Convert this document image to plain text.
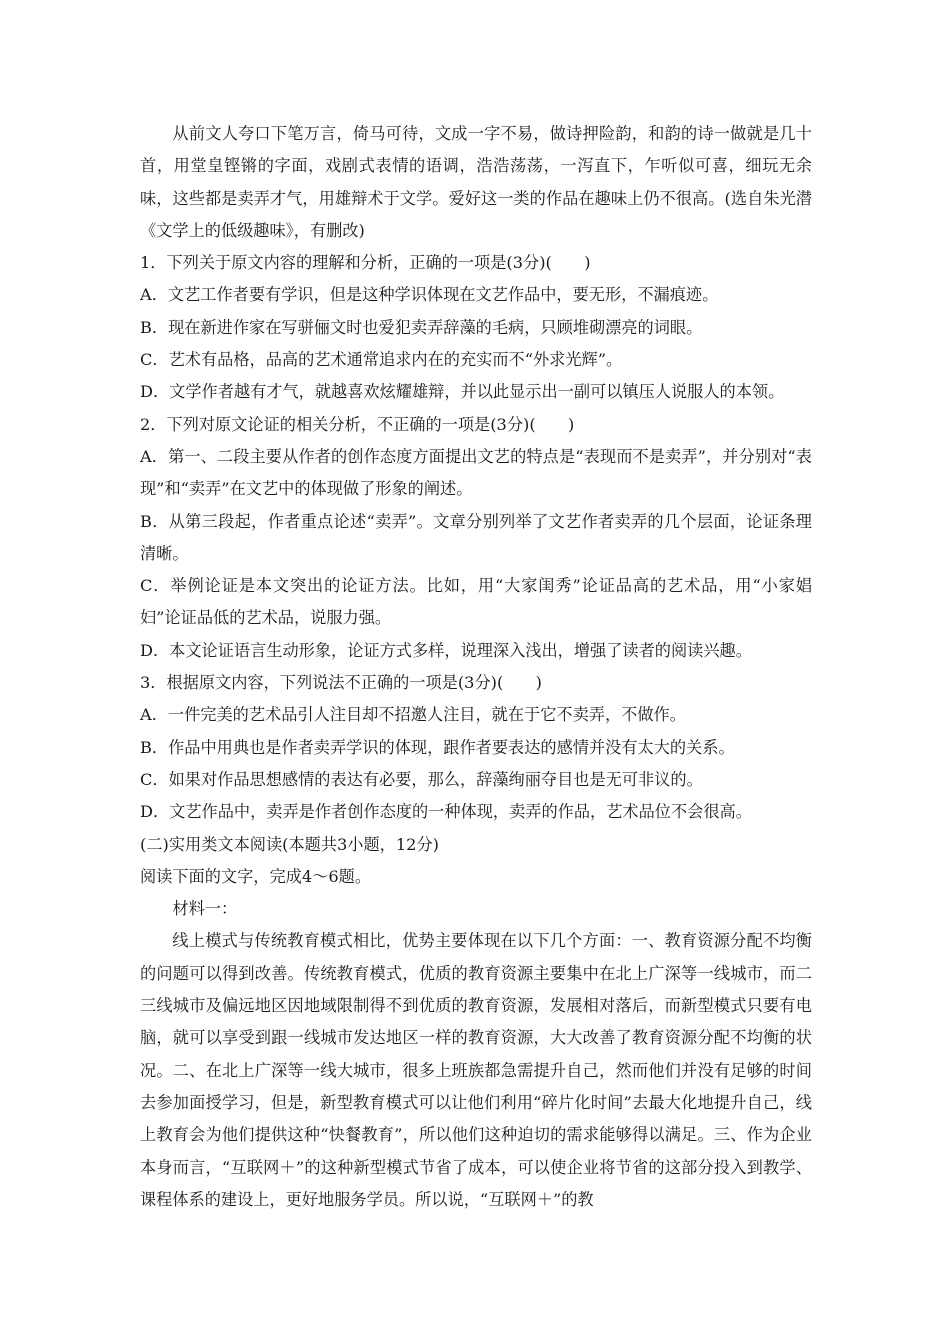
从前文人夸口下笔万言，倚马可待，文成一字不易，做诗押险韵，和韵的诗一做就是几十首，用堂皇铿锵的字面，戏剧式表情的语调，浩浩荡荡，一泻直下，乍听似可喜，细玩无余味，这些都是卖弄才气，用雄辩术于文学。爱好这一类的作品在趣味上仍不很高。(选自朱光潜《文学上的低级趣味》，有删改)

1．下列关于原文内容的理解和分析，正确的一项是(3分)(　　)

A．文艺工作者要有学识，但是这种学识体现在文艺作品中，要无形，不漏痕迹。

B．现在新进作家在写骈俪文时也爱犯卖弄辞藻的毛病，只顾堆砌漂亮的词眼。

C．艺术有品格，品高的艺术通常追求内在的充实而不“外求光辉”。

D．文学作者越有才气，就越喜欢炫耀雄辩，并以此显示出一副可以镇压人说服人的本领。

2．下列对原文论证的相关分析，不正确的一项是(3分)(　　)

A．第一、二段主要从作者的创作态度方面提出文艺的特点是“表现而不是卖弄”，并分别对“表现”和“卖弄”在文艺中的体现做了形象的阐述。

B．从第三段起，作者重点论述“卖弄”。文章分别列举了文艺作者卖弄的几个层面，论证条理清晰。

C．举例论证是本文突出的论证方法。比如，用“大家闺秀”论证品高的艺术品，用“小家娼妇”论证品低的艺术品，说服力强。

D．本文论证语言生动形象，论证方式多样，说理深入浅出，增强了读者的阅读兴趣。

3．根据原文内容，下列说法不正确的一项是(3分)(　　)

A．一件完美的艺术品引人注目却不招邀人注目，就在于它不卖弄，不做作。

B．作品中用典也是作者卖弄学识的体现，跟作者要表达的感情并没有太大的关系。

C．如果对作品思想感情的表达有必要，那么，辞藻绚丽夺目也是无可非议的。

D．文艺作品中，卖弄是作者创作态度的一种体现，卖弄的作品，艺术品位不会很高。

(二)实用类文本阅读(本题共3小题，12分)

阅读下面的文字，完成4～6题。

材料一：

线上模式与传统教育模式相比，优势主要体现在以下几个方面：一、教育资源分配不均衡的问题可以得到改善。传统教育模式，优质的教育资源主要集中在北上广深等一线城市，而二三线城市及偏远地区因地域限制得不到优质的教育资源，发展相对落后，而新型模式只要有电脑，就可以享受到跟一线城市发达地区一样的教育资源，大大改善了教育资源分配不均衡的状况。二、在北上广深等一线大城市，很多上班族都急需提升自己，然而他们并没有足够的时间去参加面授学习，但是，新型教育模式可以让他们利用“碎片化时间”去最大化地提升自己，线上教育会为他们提供这种“快餐教育”，所以他们这种迫切的需求能够得以满足。三、作为企业本身而言，“互联网＋”的这种新型模式节省了成本，可以使企业将节省的这部分投入到教学、课程体系的建设上，更好地服务学员。所以说，“互联网＋”的教
